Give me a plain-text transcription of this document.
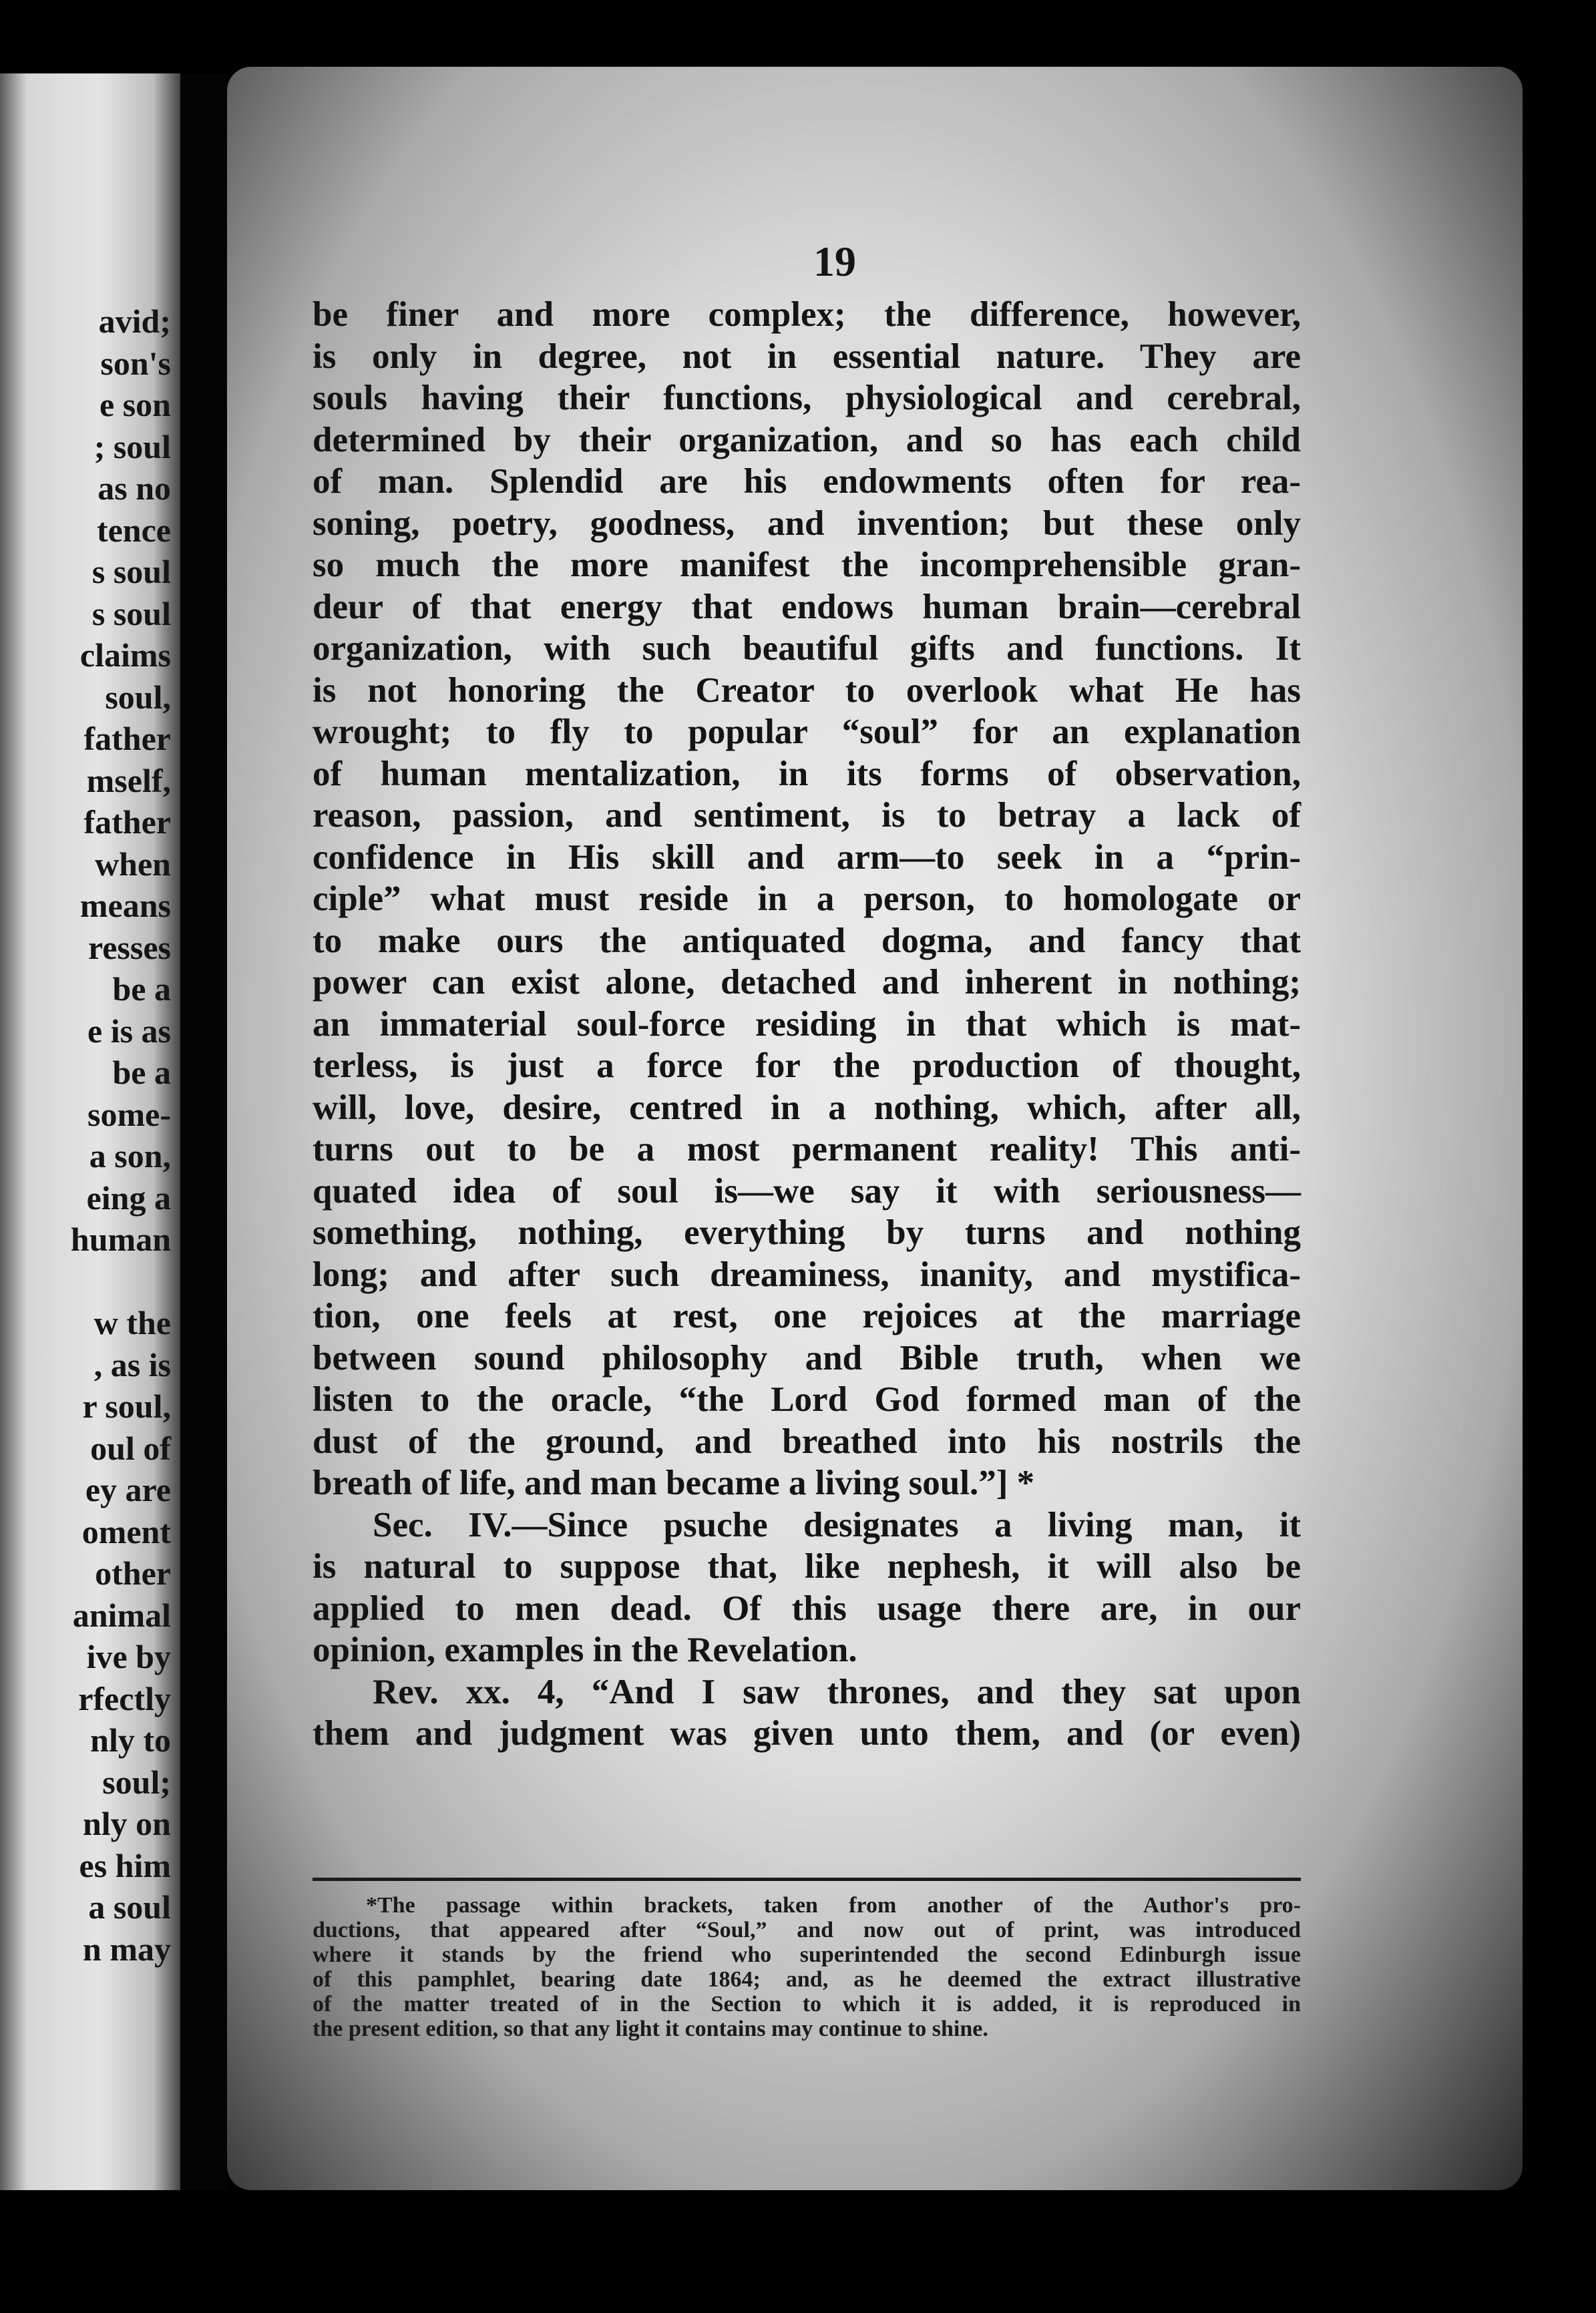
avid;
son's
e son
; soul
as no
tence
s soul
s soul
claims
soul,
father
mself,
father
when
means
resses
be a
e is as
be a
some-
a son,
eing a
human

w the
, as is
r soul,
oul of
ey are
oment
other
animal
ive by
rfectly
nly to
soul;
nly on
es him
a soul
n may
19
be finer and more complex; the difference, however,
is only in degree, not in essential nature. They are
souls having their functions, physiological and cerebral,
determined by their organization, and so has each child
of man. Splendid are his endowments often for rea-
soning, poetry, goodness, and invention; but these only
so much the more manifest the incomprehensible gran-
deur of that energy that endows human brain—cerebral
organization, with such beautiful gifts and functions. It
is not honoring the Creator to overlook what He has
wrought; to fly to popular “soul” for an explanation
of human mentalization, in its forms of observation,
reason, passion, and sentiment, is to betray a lack of
confidence in His skill and arm—to seek in a “prin-
ciple” what must reside in a person, to homologate or
to make ours the antiquated dogma, and fancy that
power can exist alone, detached and inherent in nothing;
an immaterial soul-force residing in that which is mat-
terless, is just a force for the production of thought,
will, love, desire, centred in a nothing, which, after all,
turns out to be a most permanent reality! This anti-
quated idea of soul is—we say it with seriousness—
something, nothing, everything by turns and nothing
long; and after such dreaminess, inanity, and mystifica-
tion, one feels at rest, one rejoices at the marriage
between sound philosophy and Bible truth, when we
listen to the oracle, “the Lord God formed man of the
dust of the ground, and breathed into his nostrils the
breath of life, and man became a living soul.”] *
Sec. IV.—Since psuche designates a living man, it
is natural to suppose that, like nephesh, it will also be
applied to men dead. Of this usage there are, in our
opinion, examples in the Revelation.
Rev. xx. 4, “And I saw thrones, and they sat upon
them and judgment was given unto them, and (or even)
*The passage within brackets, taken from another of the Author's pro-
ductions, that appeared after “Soul,” and now out of print, was introduced
where it stands by the friend who superintended the second Edinburgh issue
of this pamphlet, bearing date 1864; and, as he deemed the extract illustrative
of the matter treated of in the Section to which it is added, it is reproduced in
the present edition, so that any light it contains may continue to shine.
